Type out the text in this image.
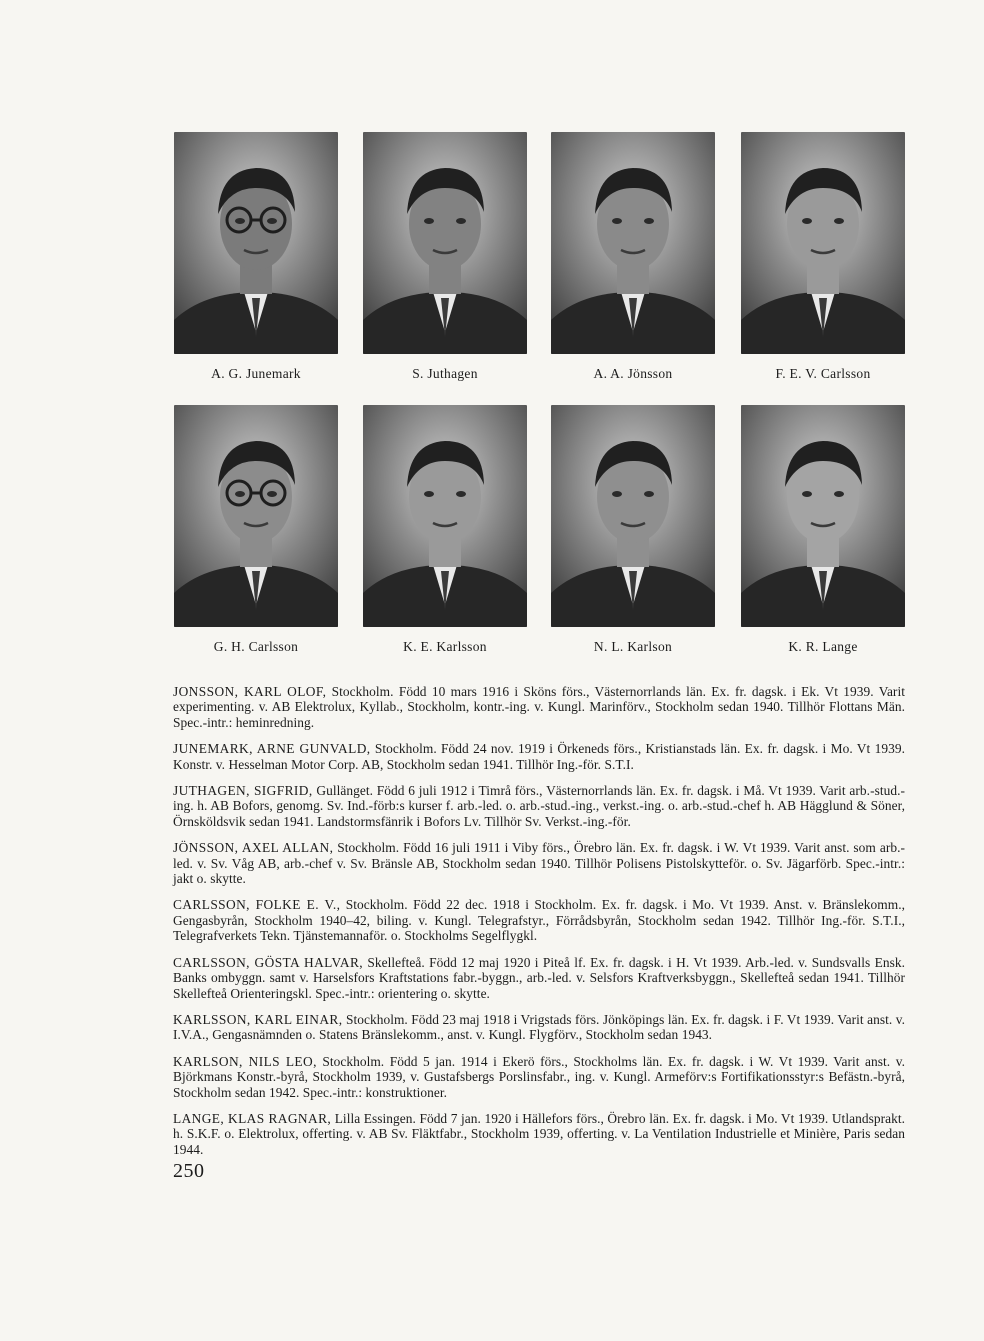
A. G. Junemark	S. Juthagen	A. A. Jönsson	F. E. V. Carlsson
G. H. Carlsson	K. E. Karlsson	N. L. Karlson	K. R. Lange

JONSSON, KARL OLOF, Stockholm. Född 10 mars 1916 i Sköns förs., Västernorrlands län. Ex. fr. dagsk. i Ek. Vt 1939. Varit experimenting. v. AB Elektrolux, Kyllab., Stockholm, kontr.-ing. v. Kungl. Marinförv., Stockholm sedan 1940. Tillhör Flottans Män. Spec.-intr.: heminredning.

JUNEMARK, ARNE GUNVALD, Stockholm. Född 24 nov. 1919 i Örkeneds förs., Kristianstads län. Ex. fr. dagsk. i Mo. Vt 1939. Konstr. v. Hesselman Motor Corp. AB, Stockholm sedan 1941. Tillhör Ing.-för. S.T.I.

JUTHAGEN, SIGFRID, Gullänget. Född 6 juli 1912 i Timrå förs., Västernorrlands län. Ex. fr. dagsk. i Må. Vt 1939. Varit arb.-stud.-ing. h. AB Bofors, genomg. Sv. Ind.-förb:s kurser f. arb.-led. o. arb.-stud.-ing., verkst.-ing. o. arb.-stud.-chef h. AB Hägglund & Söner, Örnsköldsvik sedan 1941. Landstormsfänrik i Bofors Lv. Tillhör Sv. Verkst.-ing.-för.

JÖNSSON, AXEL ALLAN, Stockholm. Född 16 juli 1911 i Viby förs., Örebro län. Ex. fr. dagsk. i W. Vt 1939. Varit anst. som arb.-led. v. Sv. Våg AB, arb.-chef v. Sv. Bränsle AB, Stockholm sedan 1940. Tillhör Polisens Pistolskytteför. o. Sv. Jägarförb. Spec.-intr.: jakt o. skytte.

CARLSSON, FOLKE E. V., Stockholm. Född 22 dec. 1918 i Stockholm. Ex. fr. dagsk. i Mo. Vt 1939. Anst. v. Bränslekomm., Gengasbyrån, Stockholm 1940–42, biling. v. Kungl. Telegrafstyr., Förrådsbyrån, Stockholm sedan 1942. Tillhör Ing.-för. S.T.I., Telegrafverkets Tekn. Tjänstemannaför. o. Stockholms Segelflygkl.

CARLSSON, GÖSTA HALVAR, Skellefteå. Född 12 maj 1920 i Piteå lf. Ex. fr. dagsk. i H. Vt 1939. Arb.-led. v. Sundsvalls Ensk. Banks ombyggn. samt v. Harselsfors Kraftstations fabr.-byggn., arb.-led. v. Selsfors Kraftverksbyggn., Skellefteå sedan 1941. Tillhör Skellefteå Orienteringskl. Spec.-intr.: orientering o. skytte.

KARLSSON, KARL EINAR, Stockholm. Född 23 maj 1918 i Vrigstads förs. Jönköpings län. Ex. fr. dagsk. i F. Vt 1939. Varit anst. v. I.V.A., Gengasnämnden o. Statens Bränslekomm., anst. v. Kungl. Flygförv., Stockholm sedan 1943.

KARLSON, NILS LEO, Stockholm. Född 5 jan. 1914 i Ekerö förs., Stockholms län. Ex. fr. dagsk. i W. Vt 1939. Varit anst. v. Björkmans Konstr.-byrå, Stockholm 1939, v. Gustafsbergs Porslinsfabr., ing. v. Kungl. Armeförv:s Fortifikationsstyr:s Befästn.-byrå, Stockholm sedan 1942. Spec.-intr.: konstruktioner.

LANGE, KLAS RAGNAR, Lilla Essingen. Född 7 jan. 1920 i Hällefors förs., Örebro län. Ex. fr. dagsk. i Mo. Vt 1939. Utlandsprakt. h. S.K.F. o. Elektrolux, offerting. v. AB Sv. Fläktfabr., Stockholm 1939, offerting. v. La Ventilation Industrielle et Minière, Paris sedan 1944.

250
